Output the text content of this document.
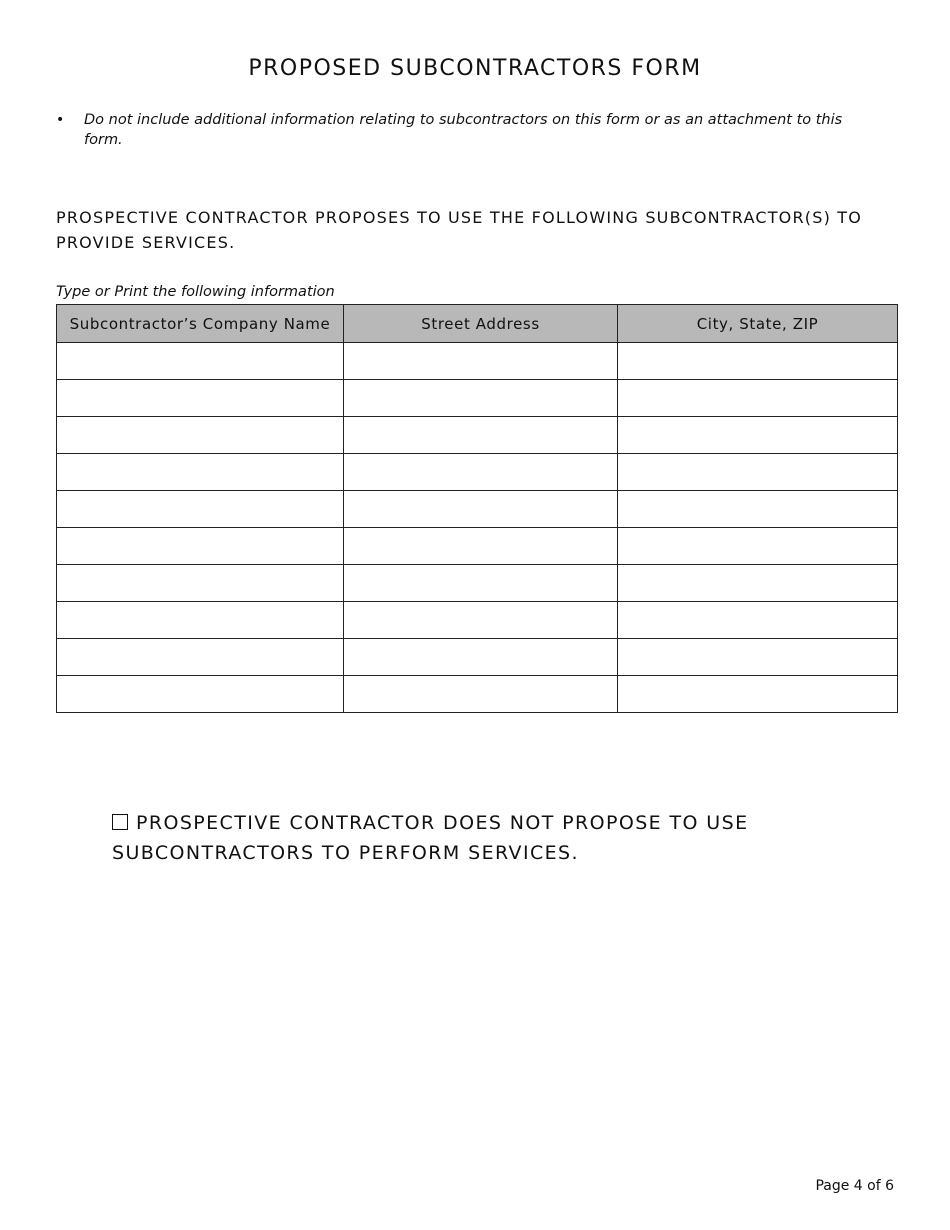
PROPOSED SUBCONTRACTORS FORM
•	Do not include additional information relating to subcontractors on this form or as an attachment to this form.
PROSPECTIVE CONTRACTOR PROPOSES TO USE THE FOLLOWING SUBCONTRACTOR(S) TO PROVIDE SERVICES.
Type or Print the following information
Subcontractor’s Company Name	Street Address	City, State, ZIP

PROSPECTIVE CONTRACTOR DOES NOT PROPOSE TO USE SUBCONTRACTORS TO PERFORM SERVICES.
Page 4 of 6
